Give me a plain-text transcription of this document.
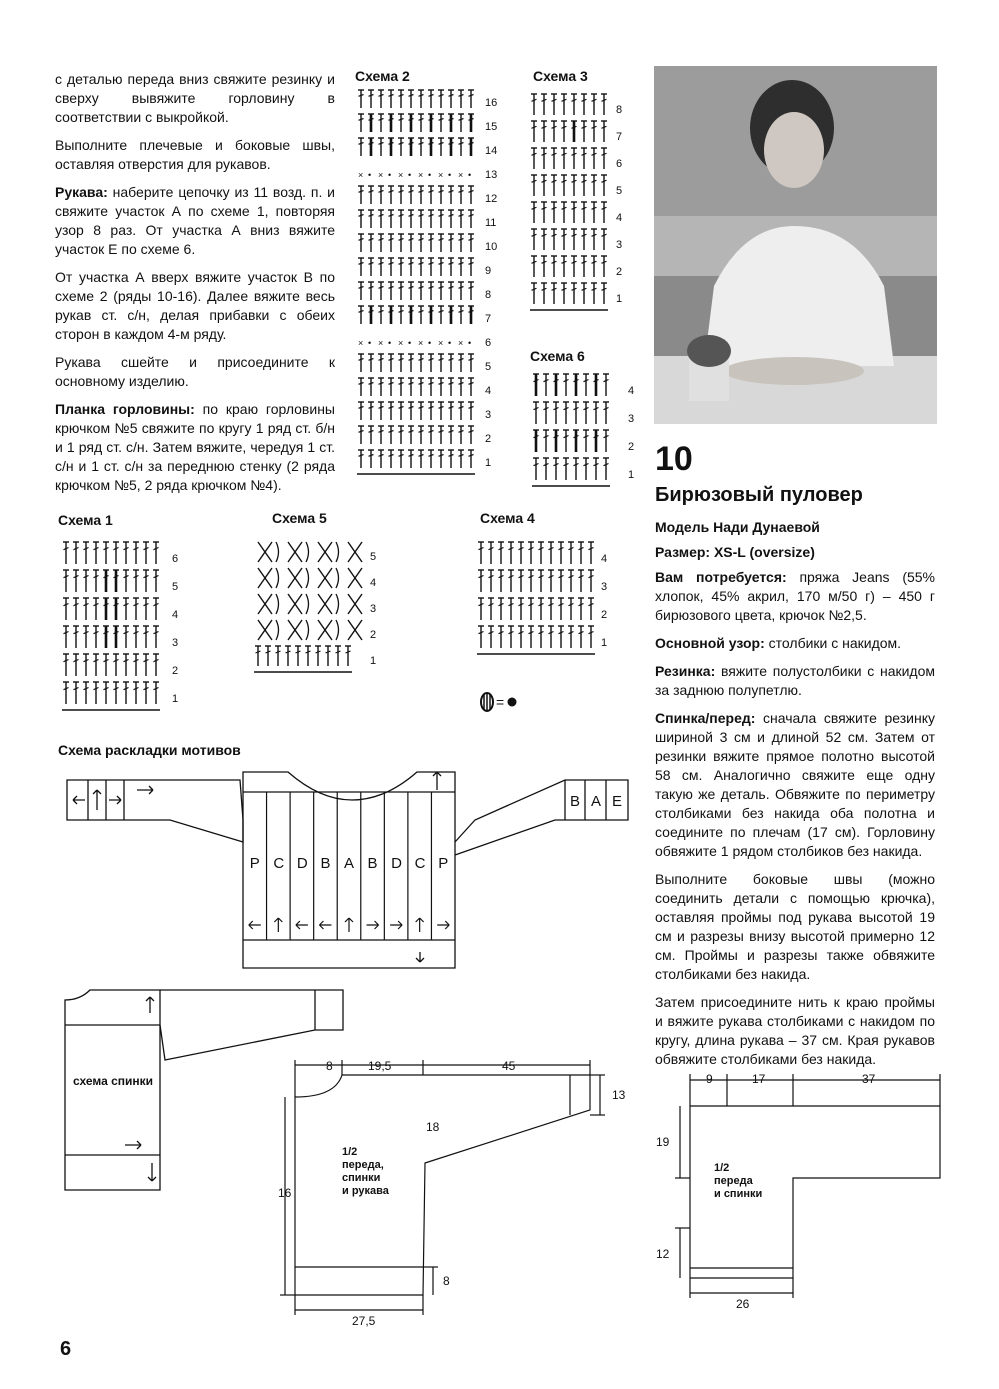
с деталью переда вниз свяжите резинку и сверху вывяжите горловину в соответствии с выкройкой.

Выполните плечевые и боковые швы, оставляя отверстия для рукавов.

Рукава: наберите цепочку из 11 возд. п. и свяжите участок А по схеме 1, повторяя узор 8 раз. От участка А вниз вяжите участок Е по схеме 6.

От участка А вверх вяжите участок В по схеме 2 (ряды 10-16). Далее вяжите весь рукав ст. с/н, делая прибавки с обеих сторон в каждом 4-м ряду.

Рукава сшейте и присоедините к основному изделию.

Планка горловины: по краю горловины крючком №5 свяжите по кругу 1 ряд ст. б/н и 1 ряд ст. с/н. Затем вяжите, чередуя 1 ст. с/н и 1 ст. с/н за переднюю стенку (2 ряда крючком №5, 2 ряда крючком №4).

Схема 2	Схема 3
Схема 6
Схема 1	Схема 5	Схема 4
16
15
14
× • × • × • × • × • × • 13
12
11
10
9
8
7
× • × • × • × • × • × • 6
5
4
3
2
1
8
7
6
5
4
3
2
1
4
3
2
1
6
5
4
3
2
1
5
4
3
2
1
4
3
2
1
=
10
Бирюзовый пуловер

Модель Нади Дунаевой

Размер: XS-L (oversize)

Вам потребуется: пряжа Jeans (55% хлопок, 45% акрил, 170 м/50 г) – 450 г бирюзового цвета, крючок №2,5.

Основной узор: столбики с накидом.

Резинка: вяжите полустолбики с накидом за заднюю полупетлю.

Спинка/перед: сначала свяжите резинку шириной 3 см и длиной 52 см. Затем от резинки вяжите прямое полотно высотой 58 см. Аналогично свяжите еще одну такую же деталь. Обвяжите по периметру столбиками без накида оба полотна и соедините по плечам (17 см). Горловину обвяжите 1 рядом столбиков без накида.

Выполните боковые швы (можно соединить детали с помощью крючка), оставляя проймы под рукава высотой 19 см и разрезы внизу высотой примерно 12 см. Проймы и разрезы также обвяжите столбиками без накида.

Затем присоедините нить к краю проймы и вяжите рукава столбиками с накидом по кругу, длина рукава – 37 см. Края рукавов обвяжите столбиками без накида.

Схема раскладки мотивов
P C D B A B D C P
B A E
схема спинки
8	19,5	45
13
18
16
8
27,5
1/2
переда,
спинки
и рукава
9	17	37
19
12
26
1/2
переда
и спинки
6
